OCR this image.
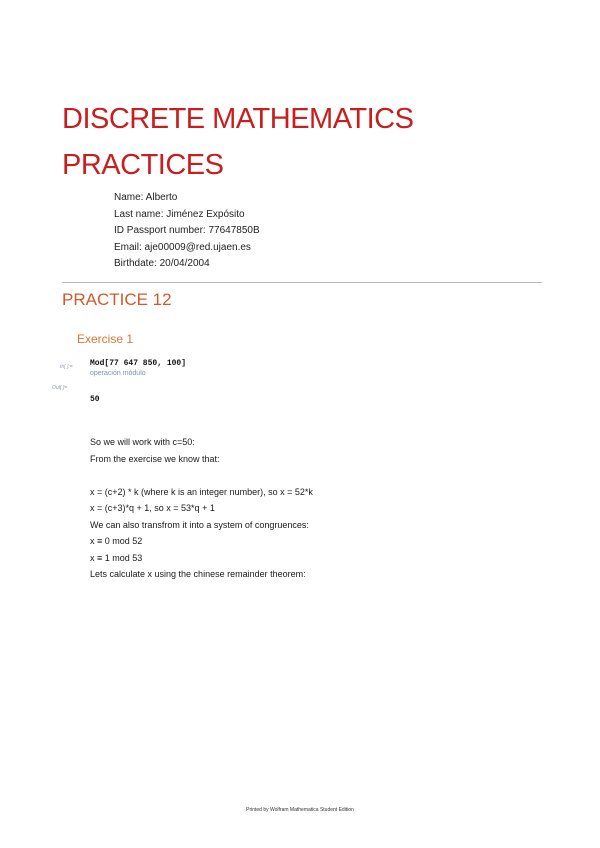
DISCRETE MATHEMATICS
PRACTICES
Name: Alberto
Last name: Jiménez Expósito
ID Passport number: 77647850B
Email: aje00009@red.ujaen.es
Birthdate: 20/04/2004
PRACTICE 12
Exercise 1
In[ ]:= Mod[77 647 850, 100]
operación módulo
Out[ ]=
50
So we will work with c=50:
From the exercise we know that:
x = (c+2) * k (where k is an integer number), so x = 52*k
x = (c+3)*q + 1, so x = 53*q + 1
We can also transfrom it into a system of congruences:
x ≡ 0 mod 52
x ≡ 1 mod 53
Lets calculate x using the chinese remainder theorem:
Printed by Wolfram Mathematica Student Edition
